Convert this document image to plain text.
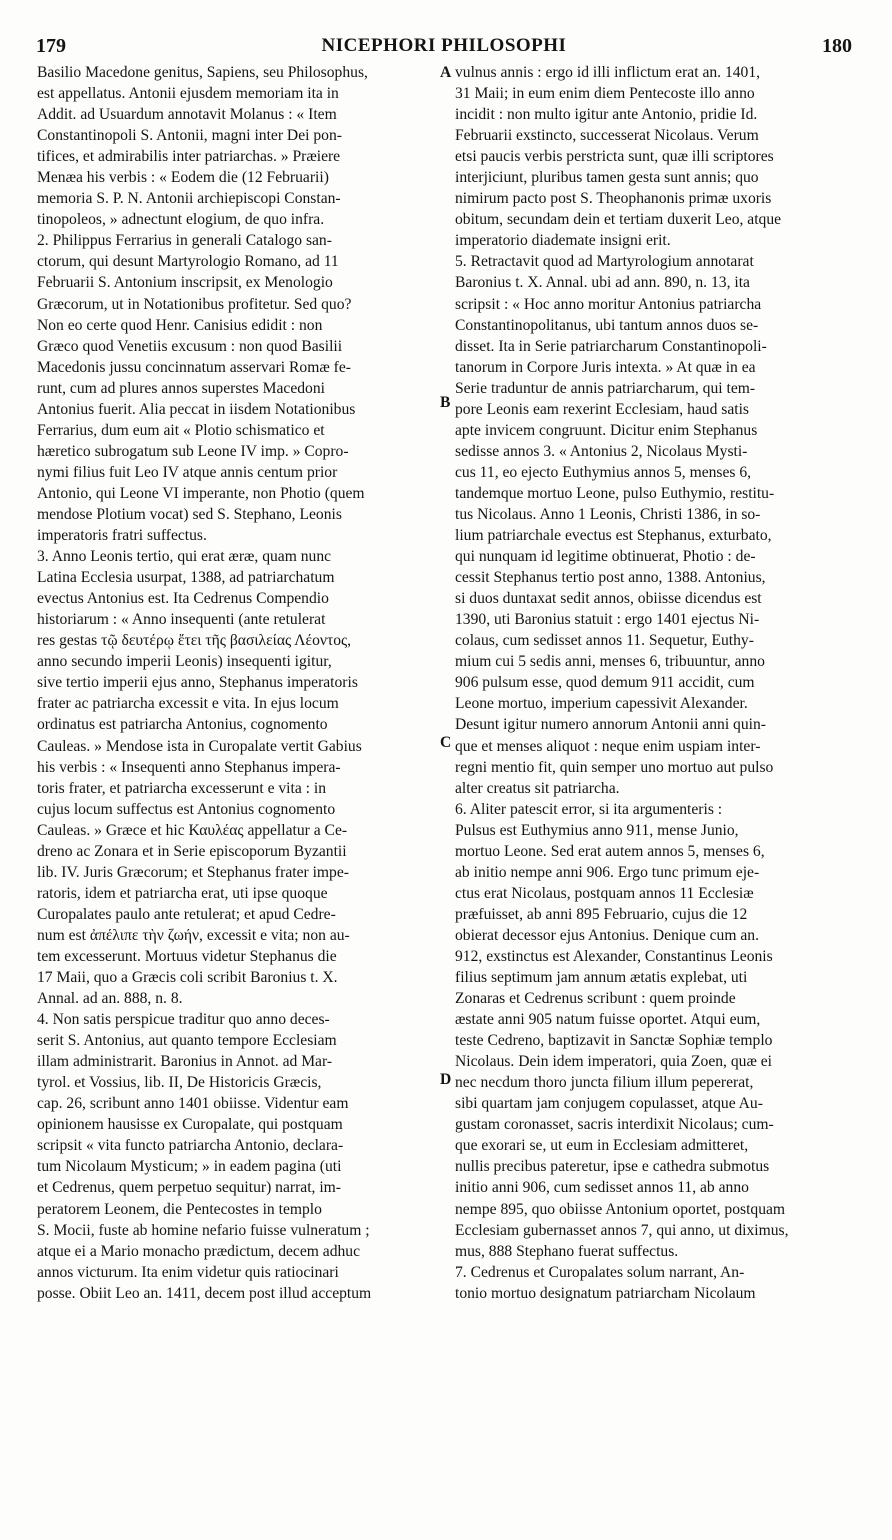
179	NICEPHORI PHILOSOPHI	180
Basilio Macedone genitus, Sapiens, seu Philosophus,
est appellatus. Antonii ejusdem memoriam ita in
Addit. ad Usuardum annotavit Molanus : « Item
Constantinopoli S. Antonii, magni inter Dei pon-
tifices, et admirabilis inter patriarchas. » Præiere
Menæa his verbis : « Eodem die (12 Februarii)
memoria S. P. N. Antonii archiepiscopi Constan-
tinopoleos, » adnectunt elogium, de quo infra.
2. Philippus Ferrarius in generali Catalogo san-
ctorum, qui desunt Martyrologio Romano, ad 11
Februarii S. Antonium inscripsit, ex Menologio
Græcorum, ut in Notationibus profitetur. Sed quo?
Non eo certe quod Henr. Canisius edidit : non
Græco quod Venetiis excusum : non quod Basilii
Macedonis jussu concinnatum asservari Romæ fe-
runt, cum ad plures annos superstes Macedoni
Antonius fuerit. Alia peccat in iisdem Notationibus
Ferrarius, dum eum ait « Plotio schismatico et
hæretico subrogatum sub Leone IV imp. » Copro-
nymi filius fuit Leo IV atque annis centum prior
Antonio, qui Leone VI imperante, non Photio (quem
mendose Plotium vocat) sed S. Stephano, Leonis
imperatoris fratri suffectus.
3. Anno Leonis tertio, qui erat æræ, quam nunc
Latina Ecclesia usurpat, 1388, ad patriarchatum
evectus Antonius est. Ita Cedrenus Compendio
historiarum : « Anno insequenti (ante retulerat
res gestas τῷ δευτέρῳ ἔτει τῆς βασιλείας Λέοντος,
anno secundo imperii Leonis) insequenti igitur,
sive tertio imperii ejus anno, Stephanus imperatoris
frater ac patriarcha excessit e vita. In ejus locum
ordinatus est patriarcha Antonius, cognomento
Cauleas. » Mendose ista in Curopalate vertit Gabius
his verbis : « Insequenti anno Stephanus impera-
toris frater, et patriarcha excesserunt e vita : in
cujus locum suffectus est Antonius cognomento
Cauleas. » Græce et hic Καυλέας appellatur a Ce-
dreno ac Zonara et in Serie episcoporum Byzantii
lib. IV. Juris Græcorum; et Stephanus frater impe-
ratoris, idem et patriarcha erat, uti ipse quoque
Curopalates paulo ante retulerat; et apud Cedre-
num est ἀπέλιπε τὴν ζωήν, excessit e vita; non au-
tem excesserunt. Mortuus videtur Stephanus die
17 Maii, quo a Græcis coli scribit Baronius t. X.
Annal. ad an. 888, n. 8.
4. Non satis perspicue traditur quo anno deces-
serit S. Antonius, aut quanto tempore Ecclesiam
illam administrarit. Baronius in Annot. ad Mar-
tyrol. et Vossius, lib. II, De Historicis Græcis,
cap. 26, scribunt anno 1401 obiisse. Videntur eam
opinionem hausisse ex Curopalate, qui postquam
scripsit « vita functo patriarcha Antonio, declara-
tum Nicolaum Mysticum; » in eadem pagina (uti
et Cedrenus, quem perpetuo sequitur) narrat, im-
peratorem Leonem, die Pentecostes in templo
S. Mocii, fuste ab homine nefario fuisse vulneratum ;
atque ei a Mario monacho prædictum, decem adhuc
annos victurum. Ita enim videtur quis ratiocinari
posse. Obiit Leo an. 1411, decem post illud acceptum
A
B
C
D
vulnus annis : ergo id illi inflictum erat an. 1401,
31 Maii; in eum enim diem Pentecoste illo anno
incidit : non multo igitur ante Antonio, pridie Id.
Februarii exstincto, successerat Nicolaus. Verum
etsi paucis verbis perstricta sunt, quæ illi scriptores
interjiciunt, pluribus tamen gesta sunt annis; quo
nimirum pacto post S. Theophanonis primæ uxoris
obitum, secundam dein et tertiam duxerit Leo, atque
imperatorio diademate insigni erit.
5. Retractavit quod ad Martyrologium annotarat
Baronius t. X. Annal. ubi ad ann. 890, n. 13, ita
scripsit : « Hoc anno moritur Antonius patriarcha
Constantinopolitanus, ubi tantum annos duos se-
disset. Ita in Serie patriarcharum Constantinopoli-
tanorum in Corpore Juris intexta. » At quæ in ea
Serie traduntur de annis patriarcharum, qui tem-
pore Leonis eam rexerint Ecclesiam, haud satis
apte invicem congruunt. Dicitur enim Stephanus
sedisse annos 3. « Antonius 2, Nicolaus Mysti-
cus 11, eo ejecto Euthymius annos 5, menses 6,
tandemque mortuo Leone, pulso Euthymio, restitu-
tus Nicolaus. Anno 1 Leonis, Christi 1386, in so-
lium patriarchale evectus est Stephanus, exturbato,
qui nunquam id legitime obtinuerat, Photio : de-
cessit Stephanus tertio post anno, 1388. Antonius,
si duos duntaxat sedit annos, obiisse dicendus est
1390, uti Baronius statuit : ergo 1401 ejectus Ni-
colaus, cum sedisset annos 11. Sequetur, Euthy-
mium cui 5 sedis anni, menses 6, tribuuntur, anno
906 pulsum esse, quod demum 911 accidit, cum
Leone mortuo, imperium capessivit Alexander.
Desunt igitur numero annorum Antonii anni quin-
que et menses aliquot : neque enim uspiam inter-
regni mentio fit, quin semper uno mortuo aut pulso
alter creatus sit patriarcha.
6. Aliter patescit error, si ita argumenteris :
Pulsus est Euthymius anno 911, mense Junio,
mortuo Leone. Sed erat autem annos 5, menses 6,
ab initio nempe anni 906. Ergo tunc primum eje-
ctus erat Nicolaus, postquam annos 11 Ecclesiæ
præfuisset, ab anni 895 Februario, cujus die 12
obierat decessor ejus Antonius. Denique cum an.
912, exstinctus est Alexander, Constantinus Leonis
filius septimum jam annum ætatis explebat, uti
Zonaras et Cedrenus scribunt : quem proinde
æstate anni 905 natum fuisse oportet. Atqui eum,
teste Cedreno, baptizavit in Sanctæ Sophiæ templo
Nicolaus. Dein idem imperatori, quia Zoen, quæ ei
nec necdum thoro juncta filium illum pepererat,
sibi quartam jam conjugem copulasset, atque Au-
gustam coronasset, sacris interdixit Nicolaus; cum-
que exorari se, ut eum in Ecclesiam admitteret,
nullis precibus pateretur, ipse e cathedra submotus
initio anni 906, cum sedisset annos 11, ab anno
nempe 895, quo obiisse Antonium oportet, postquam
Ecclesiam gubernasset annos 7, qui anno, ut diximus,
mus, 888 Stephano fuerat suffectus.
7. Cedrenus et Curopalates solum narrant, An-
tonio mortuo designatum patriarcham Nicolaum
